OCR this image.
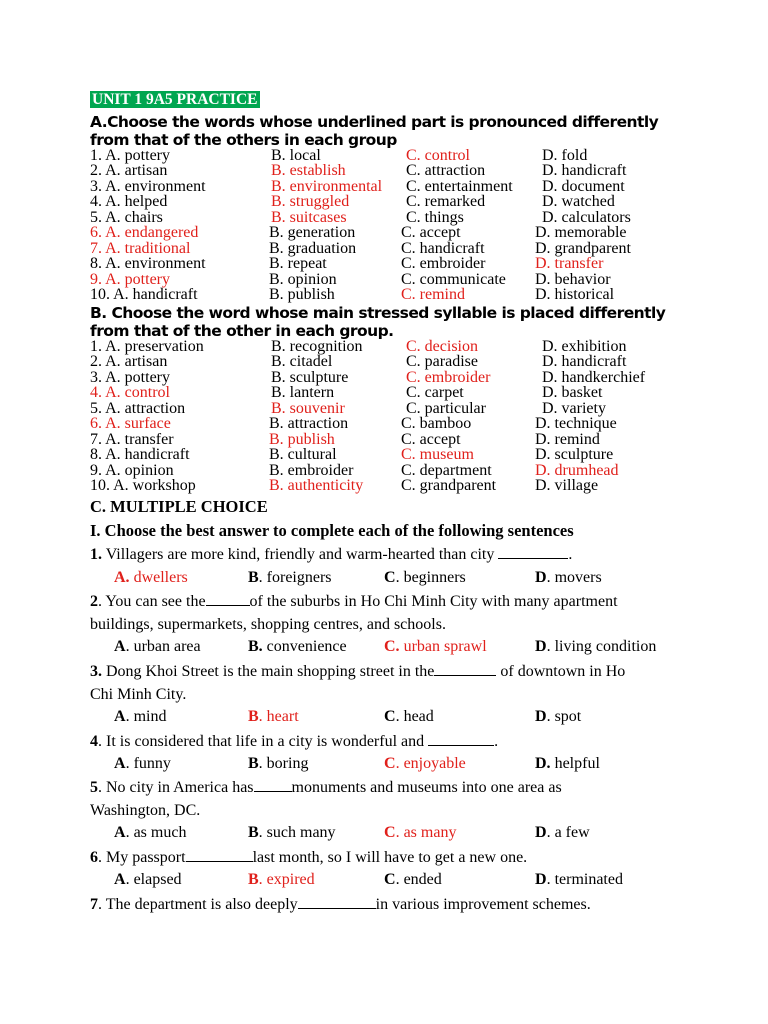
UNIT 1 9A5 PRACTICE
A.Choose the words whose underlined part is pronounced differently from that of the others in each group
1. A. pottery	B. local	C. control	D. fold
2. A. artisan	B. establish	C. attraction	D. handicraft
3. A. environment	B. environmental C. entertainment D. document
4. A. helped	B. struggled	C. remarked	D. watched
5. A. chairs	B. suitcases	C. things	D. calculators
6. A. endangered	B. generation	C. accept	D. memorable
7. A. traditional	B. graduation	C. handicraft	D. grandparent
8. A. environment	B. repeat	C. embroider	D. transfer
9. A. pottery	B. opinion	C. communicate D. behavior
10. A. handicraft	B. publish	C. remind	D. historical
B. Choose the word whose main stressed syllable is placed differently from that of the other in each group.
1. A. preservation	B. recognition	C. decision	D. exhibition
2. A. artisan	B. citadel	C. paradise	D. handicraft
3. A. pottery	B. sculpture	C. embroider	D. handkerchief
4. A. control	B. lantern	C. carpet	D. basket
5. A. attraction	B. souvenir	C. particular	D. variety
6. A. surface	B. attraction	C. bamboo	D. technique
7. A. transfer	B. publish	C. accept	D. remind
8. A. handicraft	B. cultural	C. museum	D. sculpture
9. A. opinion	B. embroider	C. department	D. drumhead
10. A. workshop	B. authenticity C. grandparent D. village
C. MULTIPLE CHOICE
I. Choose the best answer to complete each of the following sentences
1. Villagers are more kind, friendly and warm-hearted than city	.
A. dwellers	B. foreigners	C. beginners	D. movers
2. You can see the	of the suburbs in Ho Chi Minh City with many apartment
buildings, supermarkets, shopping centres, and schools.
A. urban area	B. convenience C. urban sprawl	D. living condition
3. Dong Khoi Street is the main shopping street in the	of downtown in Ho
Chi Minh City.
A. mind	B. heart	C. head	D. spot
4. It is considered that life in a city is wonderful and	.
A. funny	B. boring	C. enjoyable	D. helpful
5. No city in America has monuments and museums into one area as
Washington, DC.
A. as much	B. such many	C. as many	D. a few
6. My passport	last month, so I will have to get a new one.
A. elapsed	B. expired	C. ended	D. terminated
7. The department is also deeply	in various improvement schemes.
